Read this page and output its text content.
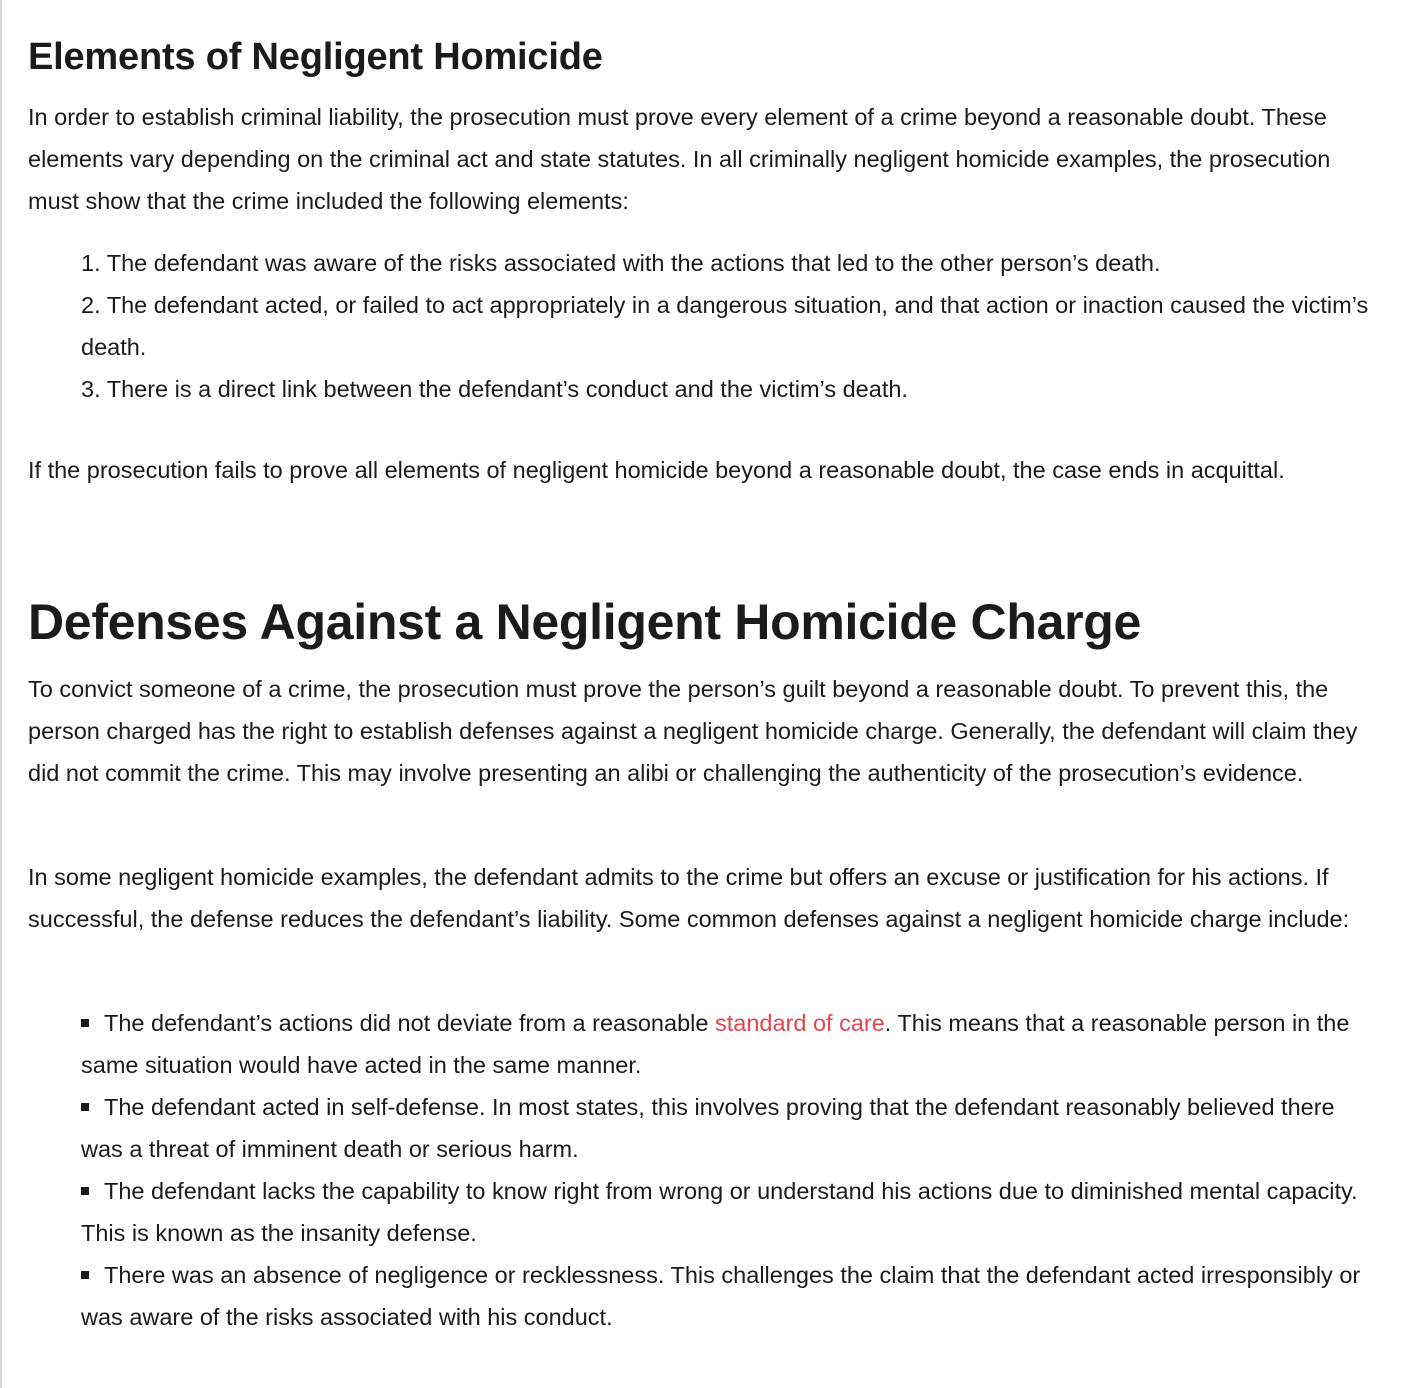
Elements of Negligent Homicide

In order to establish criminal liability, the prosecution must prove every element of a crime beyond a reasonable doubt. These elements vary depending on the criminal act and state statutes. In all criminally negligent homicide examples, the prosecution must show that the crime included the following elements:

1. The defendant was aware of the risks associated with the actions that led to the other person’s death.
2. The defendant acted, or failed to act appropriately in a dangerous situation, and that action or inaction caused the victim’s death.
3. There is a direct link between the defendant’s conduct and the victim’s death.

If the prosecution fails to prove all elements of negligent homicide beyond a reasonable doubt, the case ends in acquittal.

Defenses Against a Negligent Homicide Charge

To convict someone of a crime, the prosecution must prove the person’s guilt beyond a reasonable doubt. To prevent this, the person charged has the right to establish defenses against a negligent homicide charge. Generally, the defendant will claim they did not commit the crime. This may involve presenting an alibi or challenging the authenticity of the prosecution’s evidence.

In some negligent homicide examples, the defendant admits to the crime but offers an excuse or justification for his actions. If successful, the defense reduces the defendant’s liability. Some common defenses against a negligent homicide charge include:

The defendant’s actions did not deviate from a reasonable standard of care. This means that a reasonable person in the same situation would have acted in the same manner.
The defendant acted in self-defense. In most states, this involves proving that the defendant reasonably believed there was a threat of imminent death or serious harm.
The defendant lacks the capability to know right from wrong or understand his actions due to diminished mental capacity. This is known as the insanity defense.
There was an absence of negligence or recklessness. This challenges the claim that the defendant acted irresponsibly or was aware of the risks associated with his conduct.
